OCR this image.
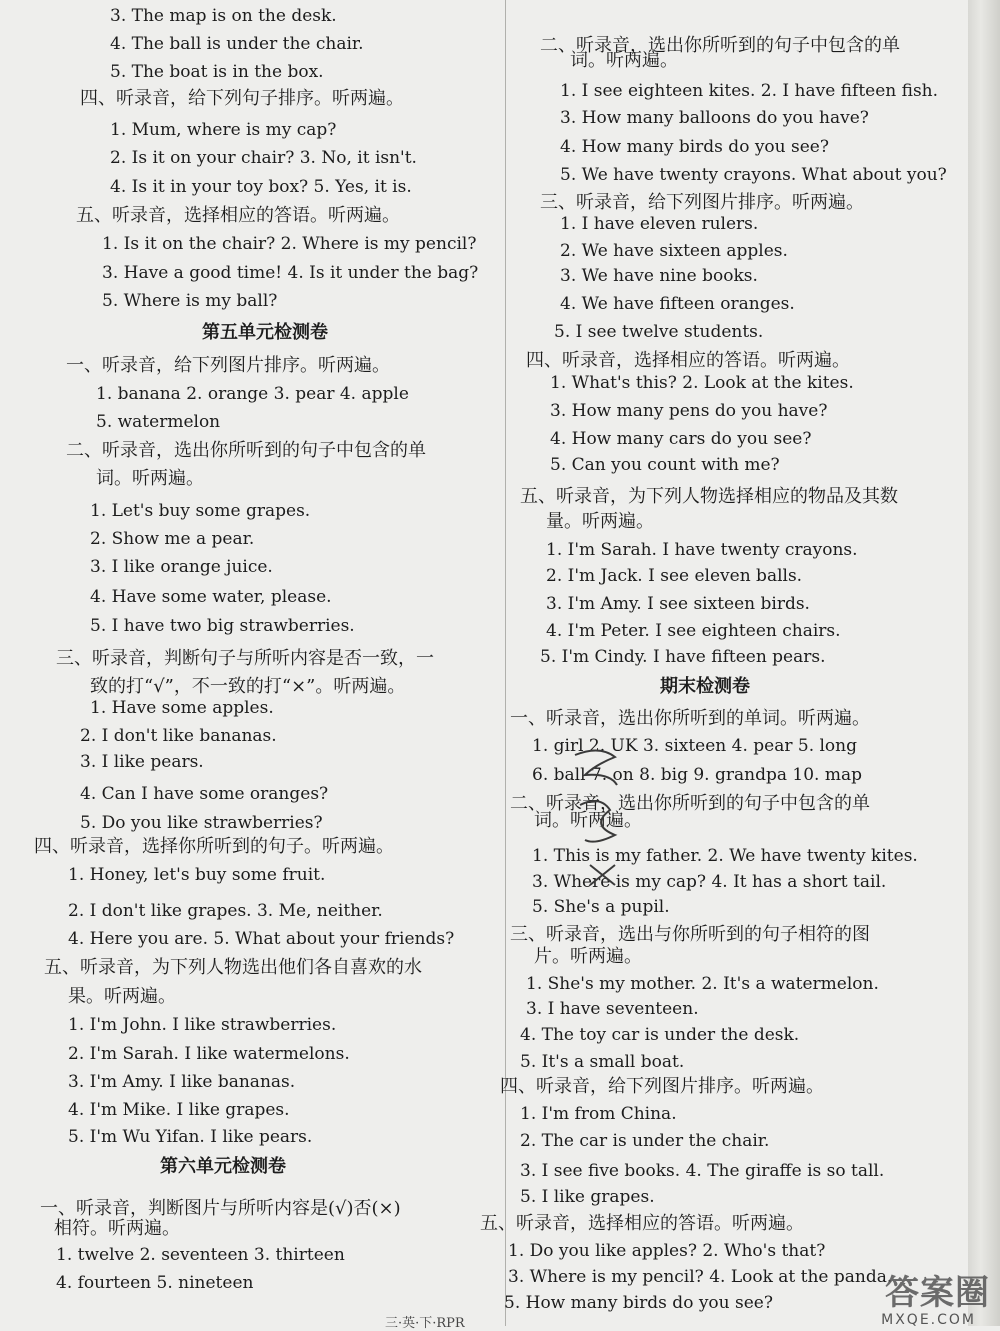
3. The map is on the desk.
4. The ball is under the chair.
5. The boat is in the box.
四、听录音，给下列句子排序。听两遍。
1. Mum, where is my cap?
2. Is it on your chair? 3. No, it isn't.
4. Is it in your toy box? 5. Yes, it is.
五、听录音，选择相应的答语。听两遍。
1. Is it on the chair? 2. Where is my pencil?
3. Have a good time! 4. Is it under the bag?
5. Where is my ball?
第五单元检测卷
一、听录音，给下列图片排序。听两遍。
1. banana 2. orange 3. pear 4. apple
5. watermelon
二、听录音，选出你所听到的句子中包含的单
词。听两遍。
1. Let's buy some grapes.
2. Show me a pear.
3. I like orange juice.
4. Have some water, please.
5. I have two big strawberries.
三、听录音，判断句子与所听内容是否一致，一
致的打“√”，不一致的打“×”。听两遍。
1. Have some apples.
2. I don't like bananas.
3. I like pears.
4. Can I have some oranges?
5. Do you like strawberries?
四、听录音，选择你所听到的句子。听两遍。
1. Honey, let's buy some fruit.
2. I don't like grapes. 3. Me, neither.
4. Here you are. 5. What about your friends?
五、听录音，为下列人物选出他们各自喜欢的水
果。听两遍。
1. I'm John. I like strawberries.
2. I'm Sarah. I like watermelons.
3. I'm Amy. I like bananas.
4. I'm Mike. I like grapes.
5. I'm Wu Yifan. I like pears.
第六单元检测卷
一、听录音，判断图片与所听内容是(√)否(×)
相符。听两遍。
1. twelve 2. seventeen 3. thirteen
4. fourteen 5. nineteen
二、听录音，选出你所听到的句子中包含的单
词。听两遍。
1. I see eighteen kites. 2. I have fifteen fish.
3. How many balloons do you have?
4. How many birds do you see?
5. We have twenty crayons. What about you?
三、听录音，给下列图片排序。听两遍。
1. I have eleven rulers.
2. We have sixteen apples.
3. We have nine books.
4. We have fifteen oranges.
5. I see twelve students.
四、听录音，选择相应的答语。听两遍。
1. What's this? 2. Look at the kites.
3. How many pens do you have?
4. How many cars do you see?
5. Can you count with me?
五、听录音，为下列人物选择相应的物品及其数
量。听两遍。
1. I'm Sarah. I have twenty crayons.
2. I'm Jack. I see eleven balls.
3. I'm Amy. I see sixteen birds.
4. I'm Peter. I see eighteen chairs.
5. I'm Cindy. I have fifteen pears.
期末检测卷
一、听录音，选出你所听到的单词。听两遍。
1. girl 2. UK 3. sixteen 4. pear 5. long
6. ball 7. on 8. big 9. grandpa 10. map
二、听录音，选出你所听到的句子中包含的单
词。听两遍。
1. This is my father. 2. We have twenty kites.
3. Where is my cap? 4. It has a short tail.
5. She's a pupil.
三、听录音，选出与你所听到的句子相符的图
片。听两遍。
1. She's my mother. 2. It's a watermelon.
3. I have seventeen.
4. The toy car is under the desk.
5. It's a small boat.
四、听录音，给下列图片排序。听两遍。
1. I'm from China.
2. The car is under the chair.
3. I see five books. 4. The giraffe is so tall.
5. I like grapes.
五、听录音，选择相应的答语。听两遍。
1. Do you like apples? 2. Who's that?
3. Where is my pencil? 4. Look at the panda.
5. How many birds do you see?
三·英·下·RPR
答案圈
MXQE.COM
